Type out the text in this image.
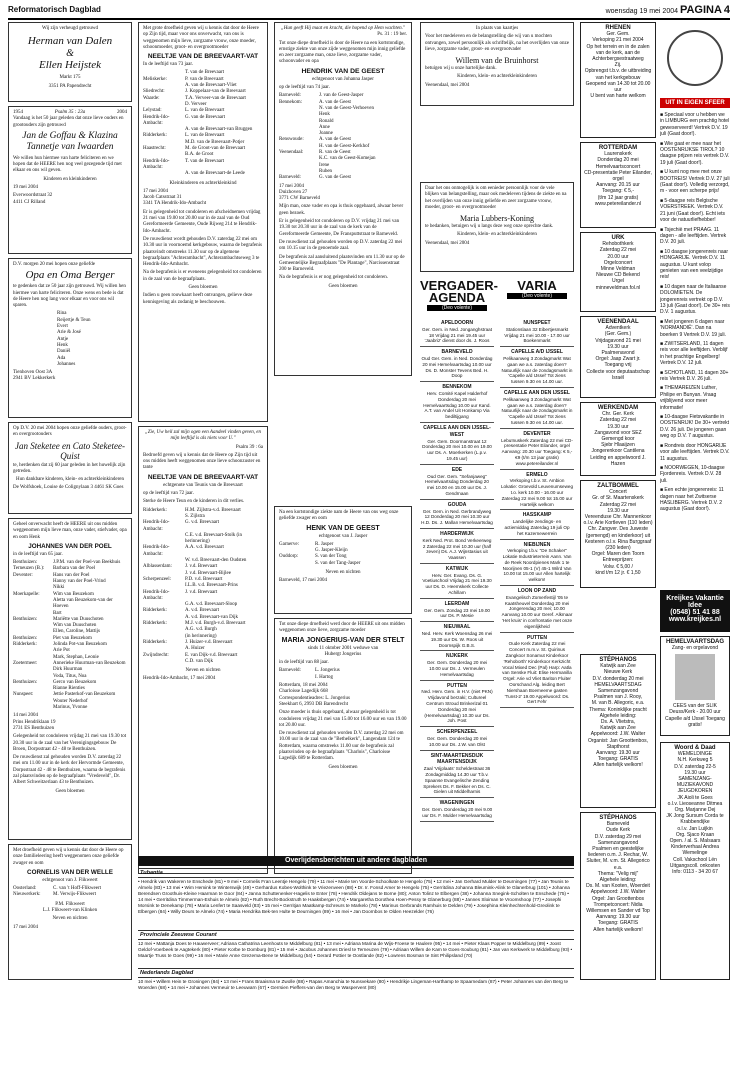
Reformatorisch Dagblad	woensdag 19 mei 2004 PAGINA 4

Wij zijn verheugd getrouwd

Herman van Dalen
&
Ellen Heijstek

Markt 175

3351 PA Papendrecht

1954	Psalm 35 : 23a	2004

Vandaag is het 50 jaar geleden dat onze lieve ouders en grootouders zijn getrouwd

Jan de Goffau & Klazina Tannetje van Iwaarden

We willen hun hiermee van harte feliciteren en we hopen dat de HEERE hen nog veel gezegende tijd met elkaar en ons wil geven.

Kinderen en kleinkinderen

19 mei 2004

Everwoordstraat 32

4411 CJ Rilland

D.V. morgen 20 mei hopen onze geliefde

Opa en Oma Berger

te gedenken dat ze 50 jaar zijn getrouwd. Wij willen hen hiermee van harte feliciteren. Onze wens en bede is dat de Heere hen nog lang voor elkaar en voor ons wil sparen.

Rina
Reijertje & Teun
Evert
Arie & José
Antje
Henk
Daniël
Ada
Johannes

Tienhoven Oost 3A

2941 BV Lekkerkerk

Op D.V. 20 mei 2004 hopen onze geliefde ouders, groot- en overgrootouders

Jan Steketee en Cato Steketee-Quist

te, herdenken dat zij 60 jaar geleden in het huwelijk zijn getreden.

Hun dankbare kinderen, klein- en achterkleinkinderen

De Wolfshoek, Louise de Colignylaan 3 4461 SK Goes

Geheel onverwacht heeft de HEERE uit ons midden weggenomen mijn lieve man, onze vader, stiefvader, opa en oom Henk

JOHANNES VAN DER POEL

in de leeftijd van 65 jaar.

Benthuizen:	J.P.M. van der Poel-van Beekhuis
Terneuzen (B.):	Barbara van der Poel
Deventer:	Hans van der Poel
Hanny van der Poel-Vrind
Nikki
Moerkapelle:	Wim van Beuzekom
Aletta van Beuzekom-van der Hoeven
Bart
Benthuizen:	Mariëtte van Duuschoten
Wim van Duuschoten
Ellen, Caroline, Mattijs
Benthuizen:	Piet van Beuzekom
Ridderkerk:	Jolinda Pot-van Beuzekom
Arie Pot
Mark, Stephan, Leonie
Zoetermeer:	Annerieke Huurman-van Beuzekom
Dirk Huurman
Voda, Titus, Noa
Benthuizen:	Gerco van Beuzekom
Rianne Rienties
Nunspeet:	Jettie Pasterkof-van Beuzekom
Wouter Nederhof
Marinus, Yvonne

14 mei 2004

Prins Hendriklaan 19

2731 ES Benthuizen

Gelegenheid tot condoleren vrijdag 21 mei van 19.30 tot 20.30 uur in de zaal van het Verenigingsgebouw De Broen, Dorpsstraat 42 - 48 te Benthuizen.

De rouwdienst zal gehouden worden D.V. zaterdag 22 mei om 11.00 uur in de kerk der Hervormde Gemeente, Dorpsstraat 42 - 48 te Benthuizen, waarna de begrafenis zal plaatsvinden op de begraafplaats "Vredeveld", Dr. Albert Schweitzerlaan 43 te Benthuizen.

Geen bloemen

Met droefheid geven wij u kennis dat door de Heere op onze familieleering heeft weggenomen onze geliefde zwager en oom

CORNELIS VAN DER WELLE

echtgenoot van J. Flikweert

Oosterland:	C. van 't Hoff-Flikweert
Nieuwerkerk:	M. Verwijs-Flikweert

P.M. Flikweert

L.J. Flikweert-van Klinken

Neven en nichten

17 mei 2004

Met grote droefheid geven wij u kennis dat door de Heere op Zijn tijd, maar voor ons onverwacht, van ons is weggenomen mijn lieve, zorgzame vrouw, onze moeder, schoonmoeder, groot- en overgrootmoeder

NEELTJE VAN DE BREEVAART-VAT

In de leeftijd van 73 jaar.

T. van de Breevaart
Meliskerke:	P. van de Breevaart
A. van de Breevaart-Vliet
Sliedrecht:	J. Koppelaar-van de Breevaart
Waarde:	T.A. Verveer-van de Breevaart
D. Verveer
Lelystad:	L. van de Breevaart
Hendrik-Ido-Ambacht:
G. van de Breevaart
A. van de Breevaart-van Bruggen
Ridderkerk:	L. van de Breevaart
M.D. van de Breevaart-Potjer
Haastrecht:	M. de Groot-van de Breevaart
B.A. de Groot
Hendrik-Ido-Ambacht:
T. van de Breevaart
A. van de Breevaart-de Leede

Kleinkinderen en achterkleinkind

17 mei 2004

Jacob Catsstraat 31

3341 TA Hendrik-Ido-Ambacht

Er is gelegenheid tot condoleren en afscheidnemen vrijdag 21 mei van 19.00 tot 20.00 uur in de zaal van de Oud Gereformeerde Gemeente, Oude Rijweg 214 te Hendrik-Ido-Ambacht.

De rouwdienst wordt gehouden D.V. zaterdag 22 mei om 10.30 uur in voornoemd kerkgebouw, waarna de begrafenis plaatsvindt omstreeks 11.30 uur op de algemene begraafplaats "Achterambacht", Achterambachtseweg 3 te Hendrik-Ido-Ambacht.

Na de begrafenis is er eveneens gelegenheid tot condoleren in de zaal van de begraafplaats.

Geen bloemen

Indien u geen rouwkaart heeft ontvangen, gelieve deze kennisgeving als zodanig te beschouwen.

„Zie, Uw heil zal mijn ogen een Aandeel vinden geven, en mijn leeftijd is als niets voor U."

Psalm 39 : 6a

Bedroefd geven wij u kennis dat de Heere op Zijn tijd uit ons midden heeft weggenomen onze lieve schoonzuster en tante

NEELTJE VAN DE BREEVAART-VAT

echtgenote van Teunis van de Breevaart

op de leeftijd van 72 jaar.

Sterke de Heere Teun en de kinderen in dit verlies.

Ridderkerk:	H.M. Zijlstra-v.d. Breevaart
S. Zijlstra
Hendrik-Ido-Ambacht:
G. v.d. Breevaart
C.E. v.d. Breevaart-Stolk (in herinnering)
Hendrik-Ido-Ambacht:
A.A. v.d. Breevaart
W. v.d. Breevaart-den Oudsten
Alblasserdam:	J. v.d. Breevaart
J. v.d. Breevaart-Bijlee
Scherpenzeel:	P.D. v.d. Breevaart
I.L.B. v.d. Breevaart-Prins
Hendrik-Ido-Ambacht:
J. v.d. Breevaart
G.A. v.d. Breevaart-Sloop
Ridderkerk:	A. v.d. Breevaart
A. v.d. Breevaart-van Dijk
Ridderkerk:	M.J. v.d. Burgh-v.d. Breevaart
A.G. v.d. Burgh
(in herinnering)
Ridderkerk:	J. Huizer-v.d. Breevaart
A. Huizer
Zwijndrecht:	E. van Dijk-v.d. Breevaart
C.D. van Dijk

Neven en nichten

Hendrik-Ido-Ambacht, 17 mei 2004

„Hun geeft Hij maat en kracht, die hopend op Hem wachten."

Ps. 31 : 19 ber.

Tot onze diepe droefheid is door de Heere na een kortstondige, ernstige ziekte van onze zijde weggenomen mijn innig geliefde en zeer zorgzame man, onze lieve, zorgzame vader, schoonvader en opa

HENDRIK VAN DE GEEST

echtgenoot van Johanna Jasper

op de leeftijd van 74 jaar.

Barneveld:	J. van de Geest-Jasper
Bennekom:	A. van de Geest
N. van de Geest-Verhoeven
Henk
Ronald
Anne
Joanne
Renswoude:	A. van de Geest
H. van de Geest-Kerkhof
Veenendaal:	R. van de Geest
K.C. van de Geest-Komejan
Irene
Ruben
Barneveld:	G. van de Geest

17 mei 2004

Duizhoven 27

3771 CW Barneveld

Mijn man, onze vader en opa is thuis opgebaard, alwaar bever geen bezoek.

Er is gelegenheid tot condoleren op D.V. vrijdag 21 mei van 19.30 tot 20.30 uur in de zaal van de kerk van de Gereformeerde Gemeente, De Fransputtstraat te Barneveld.

De rouwdienst zal gehouden worden op D.V. zaterdag 22 mei om 10.15 uur in de genoemde zaal.

De begrafenis zal aansluitend plaatsvinden om 11.30 uur op de Gemeentelijke Begraafplaats "De Plantage", Narcissenstraat 200 te Barneveld.

Na de begrafenis is er nog gelegenheid tot condoleren.

Geen bloemen

Na een kortstondige ziekte nam de Heere van ons weg onze geliefde zwager en oom

HENK VAN DE GEEST

echtgenoot van J. Jasper

Garnerve:	R. Jasper
G. Jasper-Kleijn
Ouddorp:	S. van der Tong
S. van der Tang-Jasper

Neven en nichten

Barneveld, 17 mei 2004

Tot onze diepe droefheid werd door de HEERE uit ons midden weggenomen onze lieve, zorgzame moeder

MARIA JONGERIUS-VAN DER STELT

sinds 11 oktober 2001 weduwe van

Hubergt Jongerius

in de leeftijd van 88 jaar.

Barneveld:	L. Jongerius
I. Hartog

Rotterdam, 18 mei 2004

Charloisse Lagedijk 668

Correspondentieadres: L. Jongerius

Steekhart 6, 2993 DB Barendrecht

Onze moeder is thuis opgebaard, alwaar gelegenheid is tot condoleren vrijdag 21 mei van 15.00 tot 16.00 uur en van 19.00 tot 20.00 uur.

De rouwdienst zal gehouden worden D.V. zaterdag 22 mei om 10.00 uur in de zaal van de "Bethelkerk", Langendam 124 te Rotterdam, waarna omstreeks 11.00 uur de begrafenis zal plaatsvinden op de begraafplaats "Charlois", Charloisse Lagedijk 689 te Rotterdam.

Geen bloemen

In plaats van kaartjes

Voor het medeleven en de belangstelling die wij van u mochten ontvangen, zowel persoonlijk als schriftelijk, na het overlijden van onze lieve, zorgzame vader, groot- en overgrootvader

Willem van de Bruinhorst

betuigen wij u onze hartelijke dank.

Kinderen, klein- en achterkleinkinderen

Veenendaal, mei 2004

Daar het ons onmogelijk is om eenieder persoonlijk voor de vele blijken van belangstelling, maar ook medeleven tijdens de ziekte en na het overlijden van onze innig geliefde en zeer zorgzame vrouw, moeder, groot- en overgrootmoeder

Maria Lubbers-Koning

te bedanken, betuigen wij u langs deze weg onze oprechte dank.

Kinderen, klein- en achterkleinkinderen

Veenendaal, mei 2004

VERGADER-AGENDA
(Deo volente)
VARIA
(Deo volente)
APELDOORN
Ger. Gem. in Ned. Jonganghstraat 18 Vrijdag 21 mei 19.45 uur 'Jaabriz' dienst door ds. J. Roos
BARNEVELD
Oud Ger. Gem. in Ned. Donderdag 20 mei Hemelvaartsdag 10.00 uur Ds. D. Monster Tevens Bed. H. Doop
BENNEKOM
Herv. Comité Kapel Halderhof Donderdag 20 mei Hemelvaartsdag 10.00 uur Kand. A.T. van Andel Uit Honkamp Via bediltijgang
CAPELLE AAN DEN IJSSEL-WEST
Ger. Gem. Doormanstraat 12 Donderdag 20 mei 10.00 en 19.00 uur Ds. A. Moerkerken (L.p.v. 19.45 uur)
EDE
Oud Ger. Gem. "Sefanjaweg" Hemelvaartsdag Donderdag 20 mei 10.00 en 15.00 uur Ds. J. Gendrnaan
GOUDA
Ger. Gem. in Ned. Gerbrandyweg 12 Donderdag 20 mei 10.30 uur H.D. Ds. J. Mallan Hemelvaartsdag
HARDERWIJK
Kerk Ned. Prot. Bond Verkeerweg 2 Zaterdag 22 mei 10.30 uur (half zeven) Ds. A.J. Wijnstasius uit Vaassen
KATWIJK
Herv. Ger. Evang. Ds. G. Voetiuschool Vrijdag 21 mei 19.30 uur Ds. D. Heemskerk Collecte Achillam
LEERDAM
Ger. Gem. Zondag 23 mei 19.00 uur Ds. P. Mesie
NIEUWAAL
Ned. Herv. Kerk Woensdag 26 mei 19.30 uur Ds. W. Roos uit Doornspijk G.B.S.
NIJKERK
Ger. Gem. Donderdag 20 mei 10.00 uur Ds. J. Vermeulen Hemelvaartsdag
PUTTEN
Ned. Herv. Gem. in H.V. (niet PKN) Vrijdavond berzaki; Cultureel Centrum Stroud Brinkerizal 01 Donderdag 20 mei (Hemelvaartsdag) 10.30 uur Ds. Joh. Post
SCHERPENZEEL
Ger. Gem. Donderdag 20 mei 10.00 uur Ds. J.W. van Olst
SINT-MAARTENSDIJK MAARTENSDIJK
Zaal 'Vrijplaats' Scheldestraat 36 Zondagmiddag 14.30 uur T.b.v. Spaanse Evangelische Zending Sprekers Ds. F. Bekker en Ds. C. Gielen uit Middelharnis
WAGENINGEN
Ger. Gem. Donderdag 20 mei 9.00 uur Ds. F. Mulder Hemelvaartsdag
NUNSPEET
Stationslaan 32 Eibertjesmarkt Vrijdag 21 mei 10.00 - 17.00 uur Boekenmarkt
CAPELLE A/D IJSSEL
Pelikaanweg 3 Zondagmarkt Wat gaan we a.s. zaterdag doen? Natuurlijk naar de zondagsmarkt in 'Capelle a/d IJssel' Tot ziens tussen 9.30 en 14.00 uur.
CAPELLE AAN DEN IJSSEL
Pelikaanweg 3 Zondagmarkt Wat gaan we a.s. zaterdag doen? Natuurlijk naar de zondagsmarkt in 'Capelle a/d IJssel' Tot ziens tussen 9.30 en 14.00 uur.
DEVENTER
Lebuïnuskerk Zaterdag 22 mei CD-presentatie Peter Eilander, orgel Aanvang: 20.30 uur Toegang: € 5,- €9 (t/m 13 jaar gratis) www.petereilander.nl
ERMELO
Verkoping t.b.v. St. Ambion Lokatie: Groevold Leuvenumseweg t.o. kerk 10.00 - 16.00 uur Zaterdag 22 mei 9.00 tot 15.00 uur Hartelijk welkom
HASSKAMP
Landelijke zendings- en actiemiddag Zaterdag 19 juli Op het Kazernewerrein
NIEBIJNEN
Verkoping t.b.v. "De Schaker" Lokatie Industrieterrein Aann. Van de Reek Noordpienes Mark 1 te Noorijnen 05-1 (V) 45-1 Wilrd Van 10.00 tot 15.00 uur Allen hartelijk welkom!
LOON OP ZAND
Evangelisch Zomerfestijl '05 te Kaatsheuvel Donderdag 20 mei Jongerendag 20 mei; 10.00 Aanvang 10.00 uur Geref. Alkmaar 'Het kruis' in confrontatie met onze eigenlijkheid
PUTTEN
Oude Kerk Zaterdag 22 mei Concert m.m.v. St. Quirinus Zangkoor Sonamut Kinderkoor 'Rehoborth' Kinderkoor Kerkzicht Vocal Mixed Dec (Pal) Harp: Aatla van Senske Fluit: Elise Hermanilla Orgel: Arie vd Vliet Bariton Fluiter Oorschand Alg. leiding Bert Niershaan Boemeeme gasten 'Tunst-2' 19.00 Appelwoord: Ds. Gert Fehr
RHENEN
Ger. Gem.
Verkoping 21 mei 2004
Op het terrein en in de zalen van de kerk, aan de Achterbergsestraatweg
Zij.
Opbrengst t.b.v. de uitbreiding van het kerkgebouw
Geopend van 14.30 tot 20.00 uur
U bent van harte welkom
ROTTERDAM
Laurenskerk
Donderdag 20 mei
Hemelvaartsconcert
CD-presentatie Peter Eilander, orgel
Aanvang: 20.15 uur
Toegang: € 5,-
(t/m 12 jaar gratis)
www.petereilander.nl
URK
Rehobothkerk
Zaterdag 22 mei
20.00 uur
Orgelconcert
Minne Veldman
Nieuwe CD Bekend
Urgel
minneveldman.fol.nl
VEENENDAAL
Adventkerk
(Ger. Gem.)
Vrijdagavond 21 mei
19.30 uur
Psalmenavond
Orgel: Jaap Zwart jr.
Toegang vrij
Collecte voor deputaatschap Israël
WERKENDAM
Chr. Ger. Kerk
Zaterdag 22 mei
19.30 uur
Zangavond voor SEZ
Gemengd koor
Sjebr Hlaaijzen
Jongerenkoor Cantilena
Leiding en appelwoord J. Hazen
ZALTBOMMEL
Concert
Gr. of St. Maartenskerk
Zaterdag 22 mei
19.30 uur
Vereenduse Chr. Mannenkoor o.l.v. Arie Kortleven (110 leden)
Chr. Zangver. Des Juweste (gemengd) en kinderkoor) uit Kesteren o.l.v. Rina Burggraaf (230 leden)
Orgel: Maren den Toorn
Entreeprijzen:
Volw. € 5,00 /
kind t/m 12 jr. € 1,50
UIT IN EIGEN SFEER
■ Speciaal voor u hebben we in LIMBURG een prachtig hotel geweserveerd! Vertrek D.V. 19 juli (Gaat door!).
■ Wie gaat er mee naar het OOSTENRIJKSE TIROL? 10 daagse prijzen reis vertrek D.V. 19 juli (Gaat door!).
■ U kunt nog mee met onze BOOTREIS! Vertrek D.V. 27 juli (Gaat door!). Volledig verzorgd, m - voor een scherpe prijs!
■ 5-daagse reis Belgische VOERSTREEK. Vertrek D.V. 21 juni (Gaat door!). Echt iets voor de natuurliefhebber!
■ Tsjechië met PRAAG. 11 dagen - alle leeftijden. Vertrek D.V. 20 juli.
■ 10 daagse jongerenreis naar HONGARIJE. Vertrek D.V. 11 augustus. U kunt volop genieten van een veelzijdige reis!
■ 10 dagen naar de Italiaanse DOLOMIETEN. De jongerenreis vertrekt op D.V. 13 juli (Gaat door!). De 30+ reis D.V. 1 augustus.
■ Met jongeren 6 dagen naar 'NORMANDIË'. Dan na boerken 9 Vertrek D.V. 19 juli.
■ ZWITSERLAND, 11 dagen reis voor alle leeftijden. Verblijf in het prachtige Engelberg! Vertrek D.V. 12 juli.
■ SCHOTLAND, 11 dagen 30+ reis Vertrek D.V. 26 juli.
■ THEMAREIZEN Luther, Philipe en Bunyan. Vraag vrijblijvend voor meer informatie!
■ 10-daagse Fietsvakantie in OOSTENRIJK! De 30+ vertrekt D.V. 26 juli. De jongeren gaan weg op D.V. 7 augustus.
■ Rondreis door HONGARIJE voor alle leeftijden. Vertrek D.V. 11 augustus.
■ NOORWEGEN, 10-daagse Fjordenreis. Vertrek D.V. 28 juli.
■ Een echte jongerenreis: 11 dagen naar het Zwitserse HASLIBERG. Vertrek D.V. 2 augustus (Gaat door!).
STÉPHANOS
Katwijk aan Zee
Nieuwe Kerk
D.V. donderdag 20 mei
HEMELVAARTSDAG
Samenzangavond
Psalmen van J. Rooy,
M. van B. Allegoric, e.a.
Thema: Koninklijke pracht
Algehele leiding:
Ds. A. Vlietstra,
Katwijk aan Zee
Appelwoord: J.W. Walter
Organist: Jan Groottenbos, Stapthorst
Aanvang: 19.30 uur
Toegang: GRATIS
Allen hartelijk welkom!
Kreijkes Vakantie Idee
(0548) 51 41 88
www.kreijkes.nl
HEMELVAARTSDAG
Zang- en orgelavond
CEES van der SLIK Deuss/Kerk - 20.00 uur Capelle a/d IJssel Toegang gratis!
STÉPHANOS
Barneveld
Oude Kerk
D.V. zaterdag 29 mei
Samenzangavond
Psalmen en geestelijke liederen o.m. J. Rechar, W. Sluiter, M. v.m. St. Allegorico e.a.
Thema: "Velig mij"
Algehele leiding:
Ds. M. van Kooten, Woerdeit
Appelwoord: J.W. Walter
Orgel: Jan Groottenbos
Trompetconcert: Nidia Willemsen en Sander vd Top
Aanvang: 19.30 uur
Toegang: GRATIS
Allen hartelijk welkom!
Woord & Daad
WEMELDINGE
N.H. Kerkweg 5
D.V. zaterdag 22-5
19.30 uur
SAMENZANG-MUZIEKAVOND
JEUGDKOREN
JK Aioli te Goes
o.l.v. Lieoseanne Ditmea
Org. Marjanne Dej
JK Jong Sursum Corda te Krabbendijke
o.l.v. Jan Luijkin
Org. Sjaco Kraan
Open. / al. S. Malsaars
Kinderverhaal Andrea Wemelinge
Coll. Vakschool Lén
Uitgangscoll. onkosten
Info: 0113 - 34 20 67
Overlijdensberichten uit andere dagbladen
Tubantia
• Hendrik van Wakeren te Enschede (81) • 9 mei • Cornelis Fran Leentje Hengelo (79) • 11 mei • Marie ten Voorde-Schoolkate te Hengelo (75) • 12 mei • Jan Gerhard Mulder te Deurningen (77) • Jan Teunis te Almelo (83) • 13 mei • Wim Hemink te Winterswijk (49) • Gerhardus Kobes-Wolthink te Vriezenveen (88) • Dr. Ir. Fonsd Amer te Hengelo (75) • Gerritdina Johanna Bleumink-Alink te Glanerbrug (101) • Johanna Berendsen Groothuis-Kleine Haarman te Goor (84) • Janna Schuttenenker-Hagelis te Enter (78) • Hendrik Oldejans te Borne (80); Anton Tolinz te Elbergen (38) • Johanna Snegink-Scholten te Enschede (75) • 14 mei • Gerritdina Timmerman-Eshuis te Almelo (82) • Ruth Brecht-Bockstruth te Haaksbergen (74) • Margaretha Dorothea Hoen-Pessy te Glanerburg (88) • Jannes Sloiman te Vroomshoop (77) • Josephi Morsink te Denekamp (78) • Maria Lenfert te Saasveld (83) • 15 mei • Gerritjan Maatkamp-Schreurs te Markelo (78) • Marinus Gerbrands Ramhuis te Delden (79) • Josephina Kleinhechtenhold-Greolink te Elbergen (84) • Willy Deurs te Almelo (74) • Maria Hendrika Bek-ten Hulte te Deurningen (89) • 16 mei • Jan Doornbos te Olden Heezelder (76)
Provinciale Zeeuwse Courant
12 mei • Mattanja Does te Hauwerveer; Adriana Cathatrina Leenhouts te Middelburg (81) • 13 mei • Adriana Marina de Wijs-Froese te Haulere (95) • 14 mei • Pieter Klaas Popper te Middelburg (89) • Joost Geldof-Voerbeek te Aagtekerk (80) • Pieter Korbe te Domburg (81) • 15 mei • Jacobus Johannes Driesl te Terneuzen (79) • Adriaan Willem de Kam te Goes-Souburg (81) • Jan van Kerkwerk te Middelburg (93) • Maartje Truss te Goes (99) • 16 mei • Marie Anne Grezema-Bene te Middelburg (54) • Gerard Pottier te Oostlande (82) • Lowrens Bosman te Sint Philipsland (70)
Nederlands Dagblad
10 mei • Willem Hein te Groningen (84) • 13 mei • Frans Braaisma te Zwolle (88) • Rapas Amanchia te Nunsvekare (80) • Hendrikje Lingeman-Harthamp te Spaarnedam (87) • Peter Johannes van den Berg te Woerden (68) • 14 mei • Johannes Vermeuir te Leeuwarn (67) • Gerrsien Pieffers-van den Berg te Waspervent (80)
